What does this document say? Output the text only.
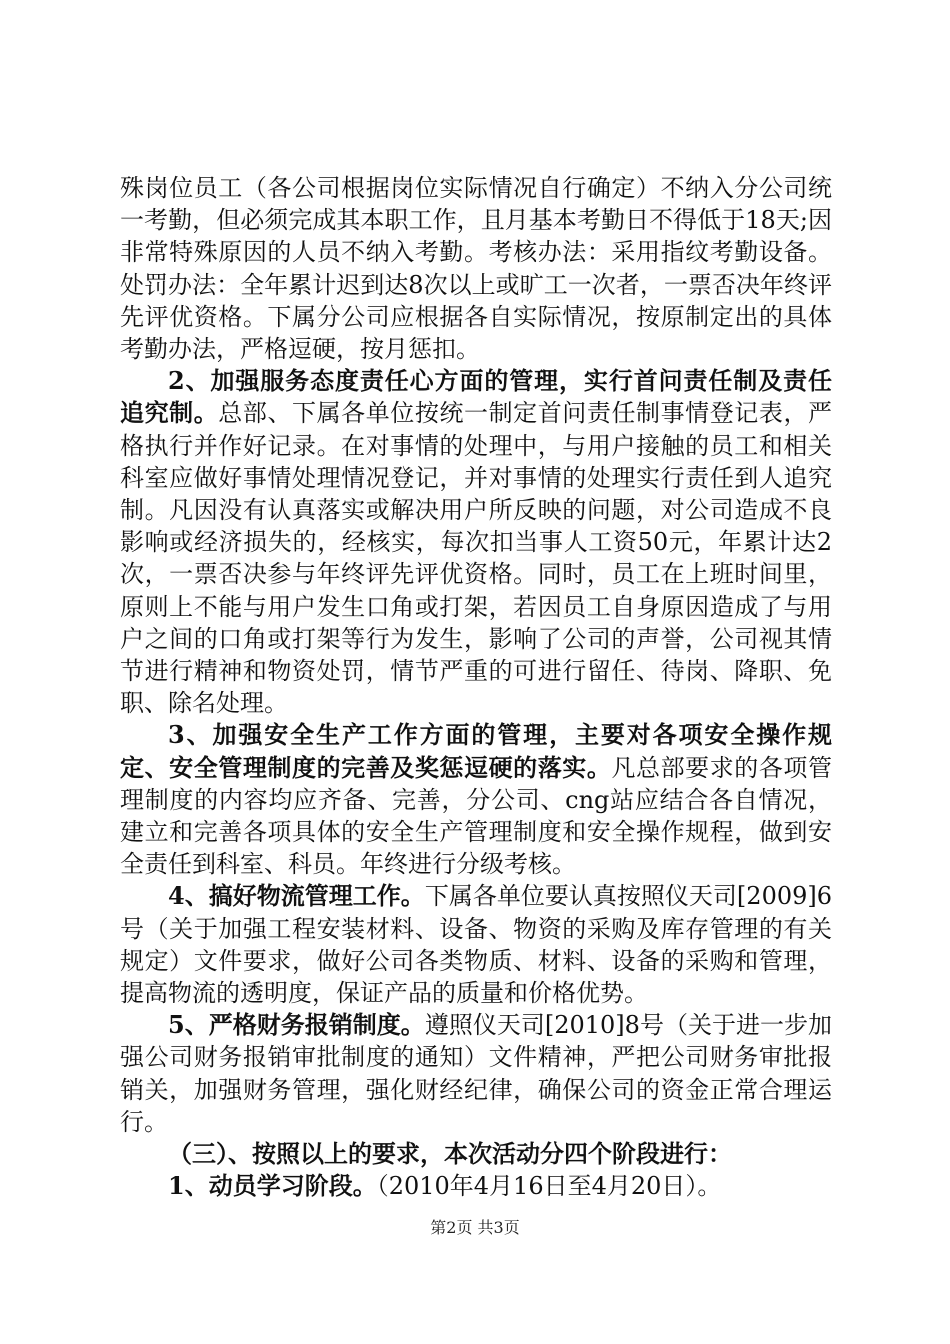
殊岗位员工（各公司根据岗位实际情况自行确定）不纳入分公司统一考勤，但必须完成其本职工作，且月基本考勤日不得低于18天;因非常特殊原因的人员不纳入考勤。考核办法：采用指纹考勤设备。处罚办法：全年累计迟到达8次以上或旷工一次者，一票否决年终评先评优资格。下属分公司应根据各自实际情况，按原制定出的具体考勤办法，严格逗硬，按月惩扣。

2、加强服务态度责任心方面的管理，实行首问责任制及责任追究制。总部、下属各单位按统一制定首问责任制事情登记表，严格执行并作好记录。在对事情的处理中，与用户接触的员工和相关科室应做好事情处理情况登记，并对事情的处理实行责任到人追究制。凡因没有认真落实或解决用户所反映的问题，对公司造成不良影响或经济损失的，经核实，每次扣当事人工资50元，年累计达2次，一票否决参与年终评先评优资格。同时，员工在上班时间里，原则上不能与用户发生口角或打架，若因员工自身原因造成了与用户之间的口角或打架等行为发生，影响了公司的声誉，公司视其情节进行精神和物资处罚，情节严重的可进行留任、待岗、降职、免职、除名处理。

3、加强安全生产工作方面的管理，主要对各项安全操作规定、安全管理制度的完善及奖惩逗硬的落实。凡总部要求的各项管理制度的内容均应齐备、完善，分公司、cng站应结合各自情况，建立和完善各项具体的安全生产管理制度和安全操作规程，做到安全责任到科室、科员。年终进行分级考核。

4、搞好物流管理工作。下属各单位要认真按照仪天司[2009]6号（关于加强工程安装材料、设备、物资的采购及库存管理的有关规定）文件要求，做好公司各类物质、材料、设备的采购和管理，提高物流的透明度，保证产品的质量和价格优势。

5、严格财务报销制度。遵照仪天司[2010]8号（关于进一步加强公司财务报销审批制度的通知）文件精神，严把公司财务审批报销关，加强财务管理，强化财经纪律，确保公司的资金正常合理运行。

（三）、按照以上的要求，本次活动分四个阶段进行：

1、动员学习阶段。（2010年4月16日至4月20日）。

第2页 共3页
